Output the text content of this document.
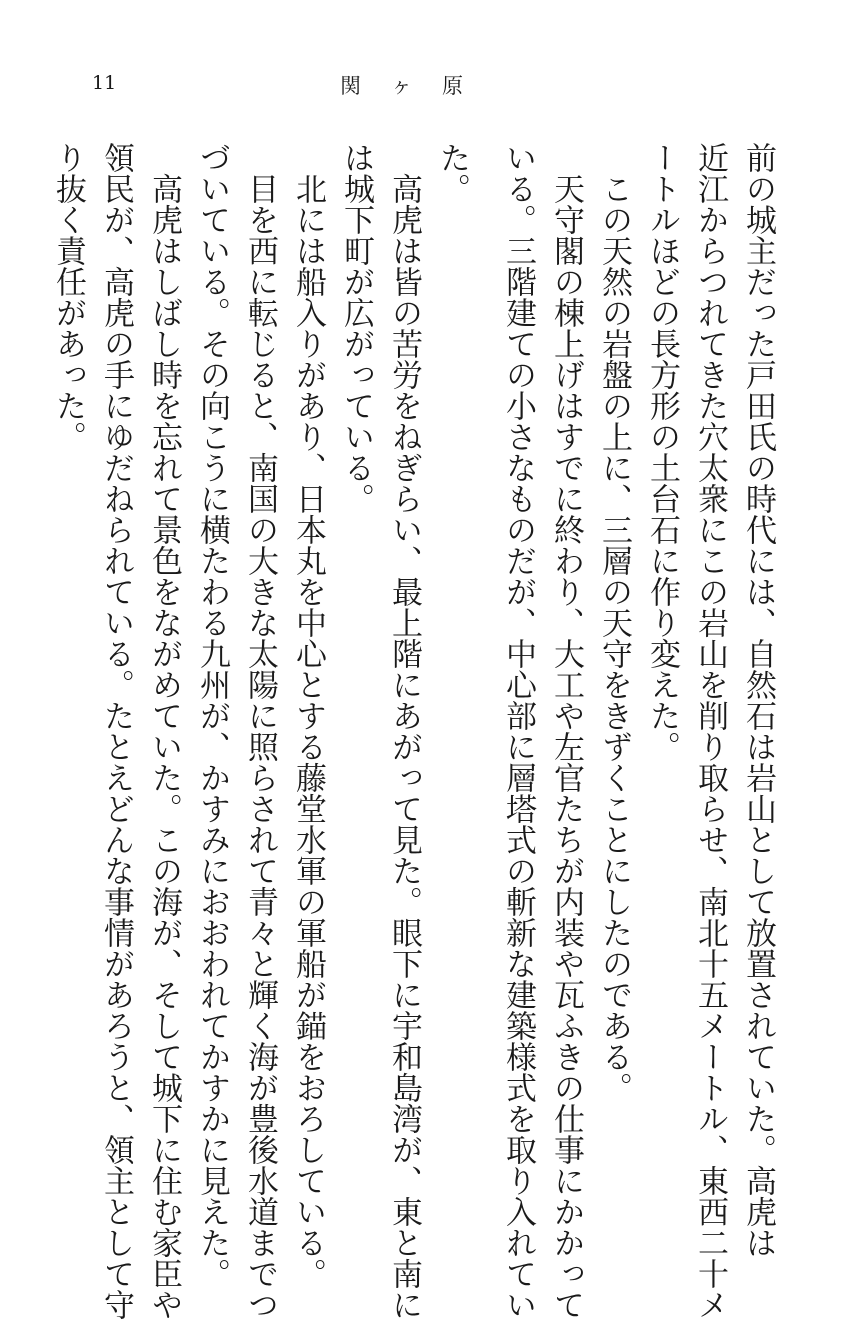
11	関ヶ原
前の城主だった戸田氏の時代には、自然石は岩山として放置されていた。高虎は
近江からつれてきた穴太衆にこの岩山を削り取らせ、南北十五メートル、東西二十メ
ートルほどの長方形の土台石に作り変えた。
この天然の岩盤の上に、三層の天守をきずくことにしたのである。
天守閣の棟上げはすでに終わり、大工や左官たちが内装や瓦ふきの仕事にかかって
いる。三階建ての小さなものだが、中心部に層塔式の斬新な建築様式を取り入れてい
た。
高虎は皆の苦労をねぎらい、最上階にあがって見た。眼下に宇和島湾が、東と南に
は城下町が広がっている。
北には船入りがあり、日本丸を中心とする藤堂水軍の軍船が錨をおろしている。
目を西に転じると、南国の大きな太陽に照らされて青々と輝く海が豊後水道までつ
づいている。その向こうに横たわる九州が、かすみにおおわれてかすかに見えた。
高虎はしばし時を忘れて景色をながめていた。この海が、そして城下に住む家臣や
領民が、高虎の手にゆだねられている。たとえどんな事情があろうと、領主として守
り抜く責任があった。
